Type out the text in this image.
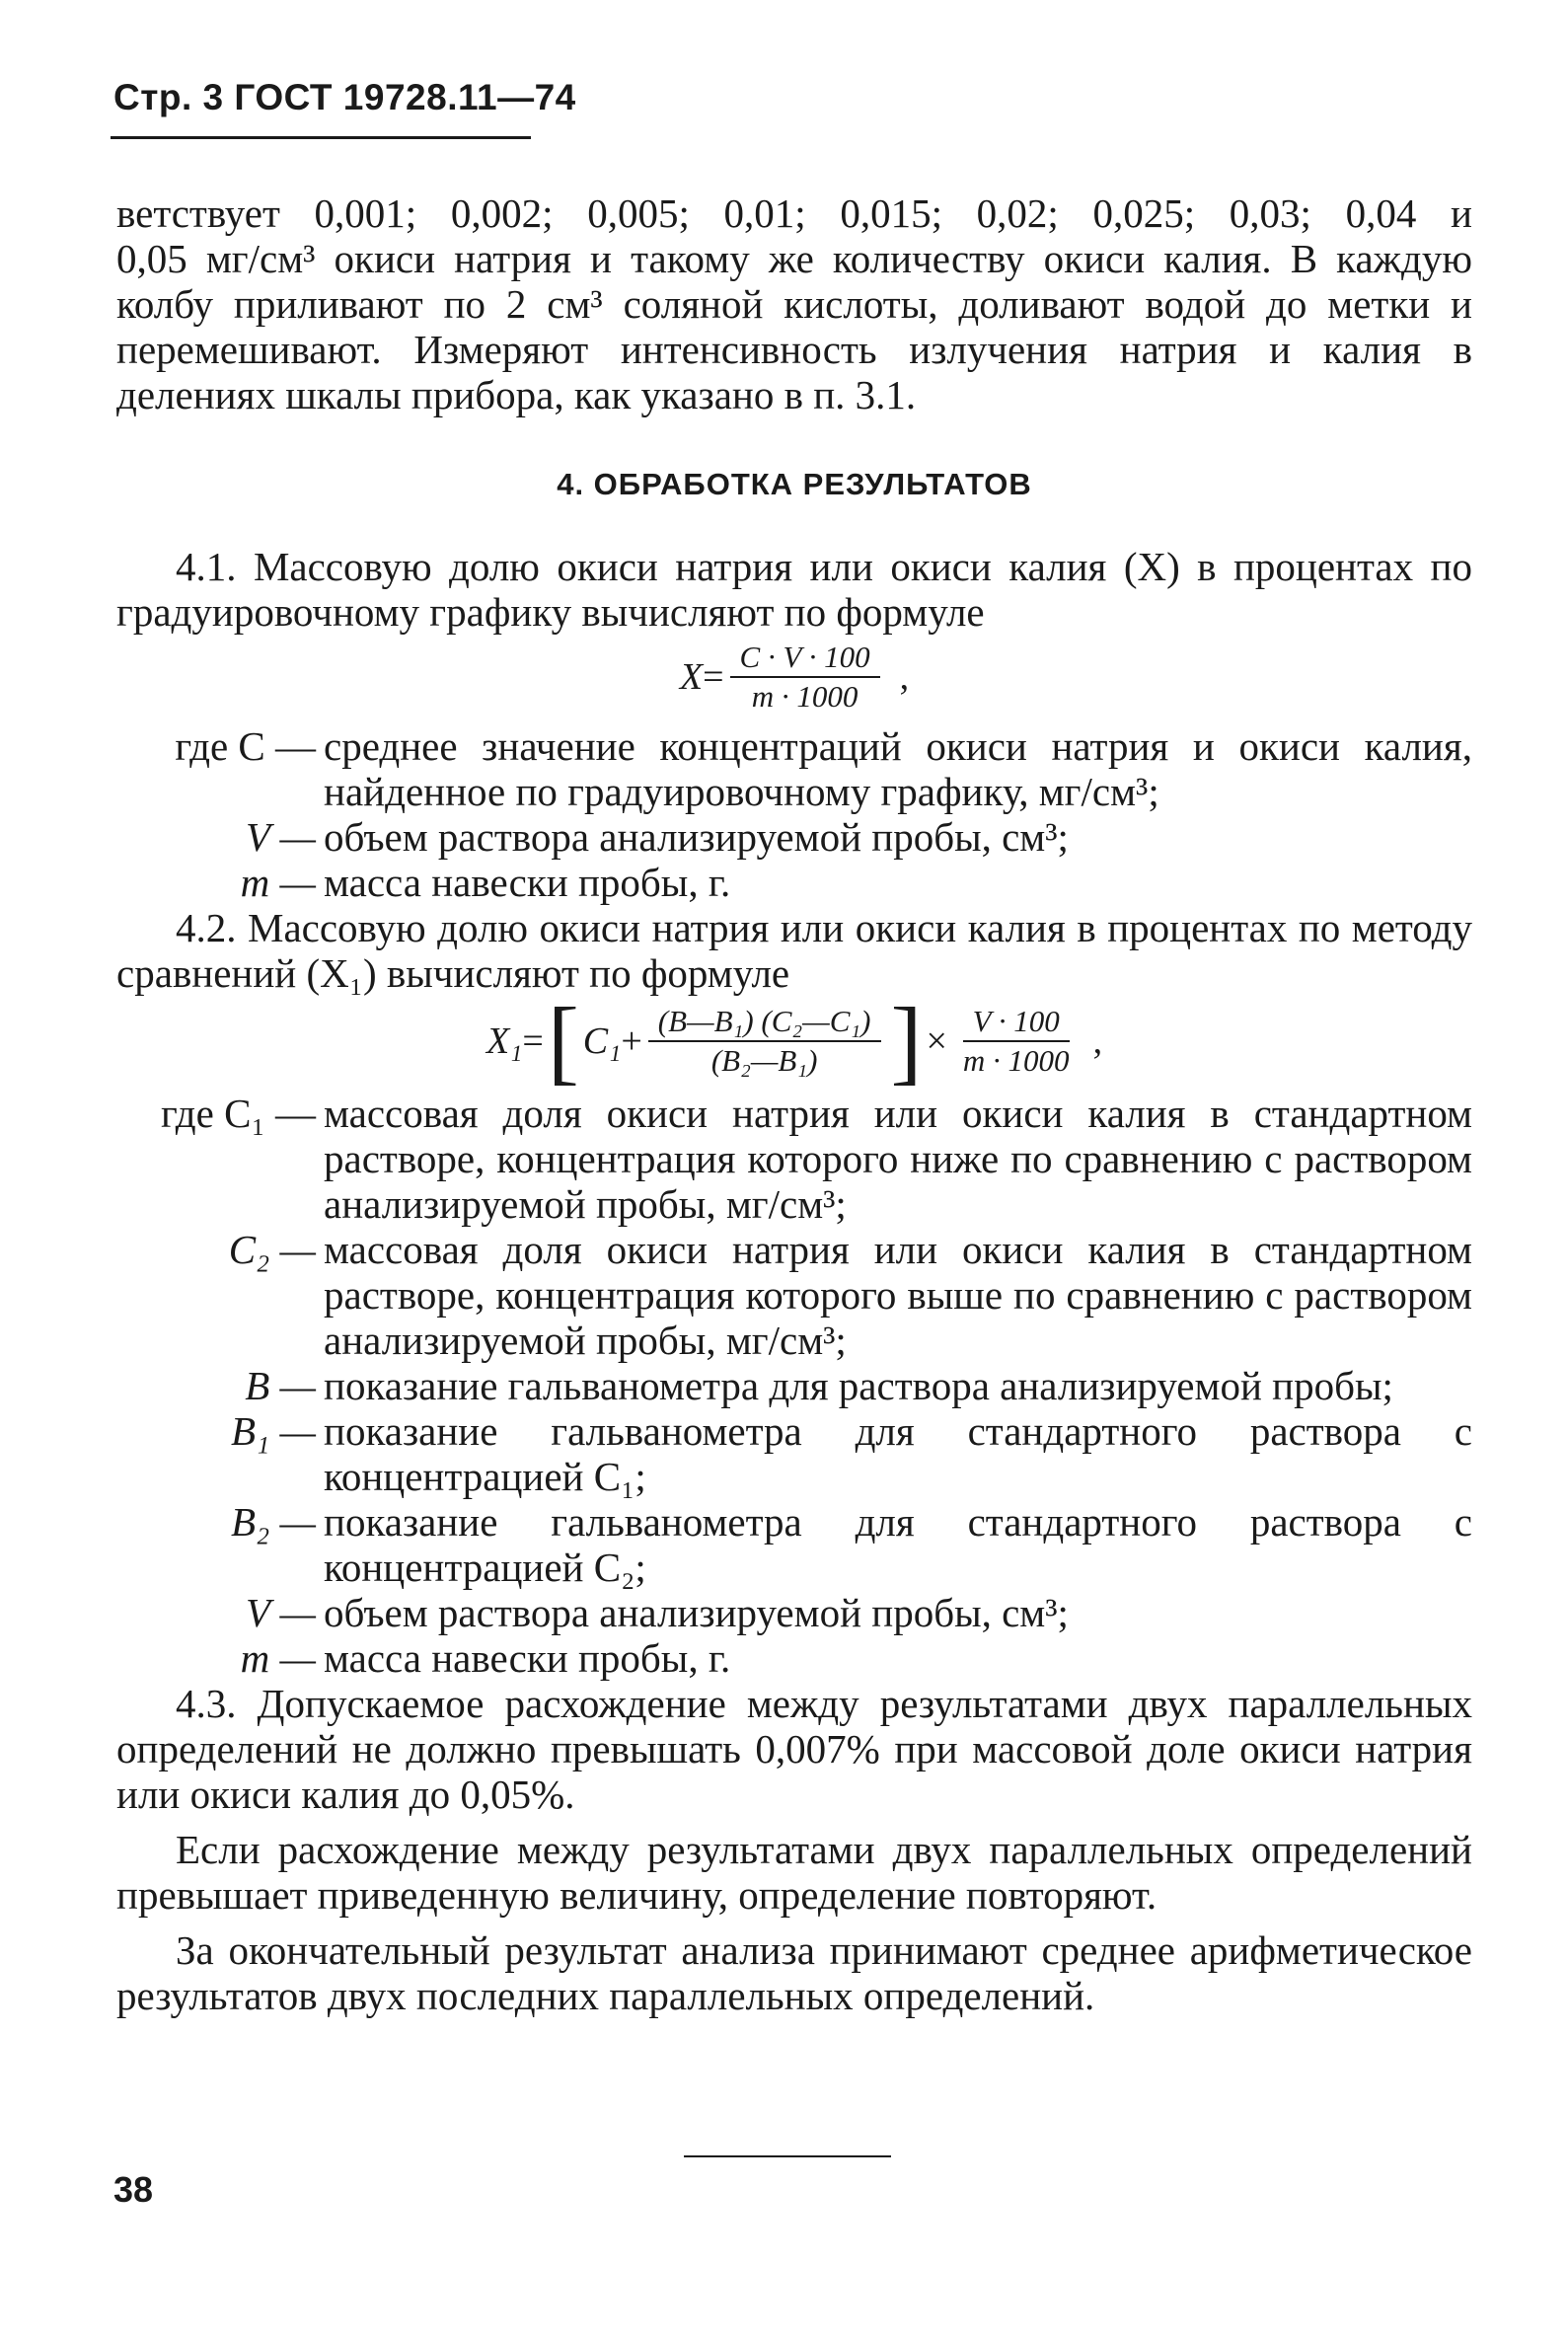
Стр. 3 ГОСТ 19728.11—74

ветствует 0,001; 0,002; 0,005; 0,01; 0,015; 0,02; 0,025; 0,03; 0,04 и

0,05 мг/см³ окиси натрия и такому же количеству окиси калия. В каждую колбу приливают по 2 см³ соляной кислоты, доливают водой до метки и перемешивают. Измеряют интенсивность излучения натрия и калия в делениях шкалы прибора, как указано в п. 3.1.

4. ОБРАБОТКА РЕЗУЛЬТАТОВ

4.1. Массовую долю окиси натрия или окиси калия (X) в процентах по градуировочному графику вычисляют по формуле

$X = \frac{C \cdot V \cdot 100}{m \cdot 1000}$ ,
где C — среднее значение концентраций окиси натрия и окиси калия, найденное по градуировочному графику, мг/см³;
V — объем раствора анализируемой пробы, см³;
m — масса навески пробы, г.

4.2. Массовую долю окиси натрия или окиси калия в процентах по методу сравнений (X₁) вычисляют по формуле

X₁ = [ $C_1 + \frac{\text{(B—B₁) (C₂—C₁)}}{\text{(B₂—B₁)}}$ ] × $\frac{V \cdot 100}{m \cdot 1000}$ ,
где C₁ — массовая доля окиси натрия или окиси калия в стандартном растворе, концентрация которого ниже по сравнению с раствором анализируемой пробы, мг/см³;
C₂ — массовая доля окиси натрия или окиси калия в стандартном растворе, концентрация которого выше по сравнению с раствором анализируемой пробы, мг/см³;
B — показание гальванометра для раствора анализируемой пробы;
B₁ — показание гальванометра для стандартного раствора с концентрацией C₁;
B₂ — показание гальванометра для стандартного раствора с концентрацией C₂;
V — объем раствора анализируемой пробы, см³;
m — масса навески пробы, г.

4.3. Допускаемое расхождение между результатами двух параллельных определений не должно превышать 0,007% при массовой доле окиси натрия или окиси калия до 0,05%.

Если расхождение между результатами двух параллельных определений превышает приведенную величину, определение повторяют.

За окончательный результат анализа принимают среднее арифметическое результатов двух последних параллельных определений.

38
